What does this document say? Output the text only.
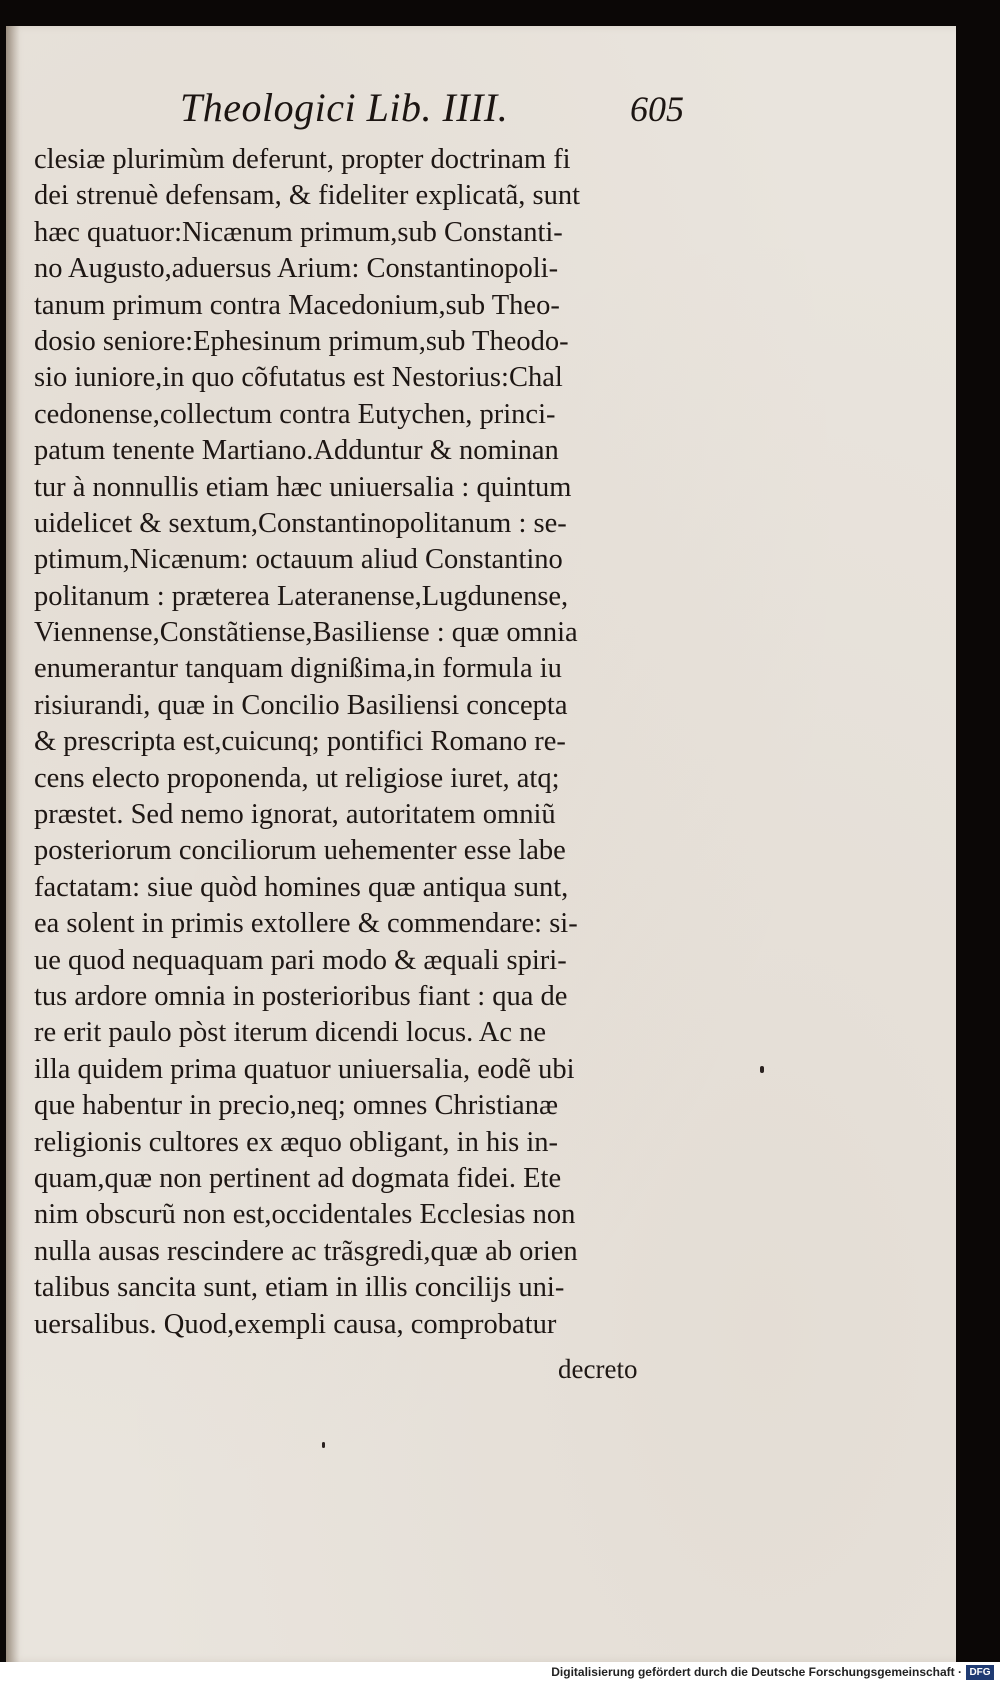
Theologici Lib. IIII.	605
clesiæ plurimùm deferunt, propter doctrinam fi
dei strenuè defensam, & fideliter explicatã, sunt
hæc quatuor:Nicænum primum,sub Constanti-
no Augusto,aduersus Arium: Constantinopoli-
tanum primum contra Macedonium,sub Theo-
dosio seniore:Ephesinum primum,sub Theodo-
sio iuniore,in quo cõfutatus est Nestorius:Chal
cedonense,collectum contra Eutychen, princi-
patum tenente Martiano.Adduntur & nominan
tur à nonnullis etiam hæc uniuersalia : quintum
uidelicet & sextum,Constantinopolitanum : se-
ptimum,Nicænum: octauum aliud Constantino
politanum : præterea Lateranense,Lugdunense,
Viennense,Constãtiense,Basiliense : quæ omnia
enumerantur tanquam dignißima,in formula iu
risiurandi, quæ in Concilio Basiliensi concepta
& prescripta est,cuicunq; pontifici Romano re-
cens electo proponenda, ut religiose iuret, atq;
præstet. Sed nemo ignorat, autoritatem omniũ
posteriorum conciliorum uehementer esse labe
factatam: siue quòd homines quæ antiqua sunt,
ea solent in primis extollere & commendare: si-
ue quod nequaquam pari modo & æquali spiri-
tus ardore omnia in posterioribus fiant : qua de
re erit paulo pòst iterum dicendi locus. Ac ne
illa quidem prima quatuor uniuersalia, eodẽ ubi
que habentur in precio,neq; omnes Christianæ
religionis cultores ex æquo obligant, in his in-
quam,quæ non pertinent ad dogmata fidei. Ete
nim obscurũ non est,occidentales Ecclesias non
nulla ausas rescindere ac trãsgredi,quæ ab orien
talibus sancita sunt, etiam in illis concilijs uni-
uersalibus. Quod,exempli causa, comprobatur
decreto
Digitalisierung gefördert durch die Deutsche Forschungsgemeinschaft · DFG
